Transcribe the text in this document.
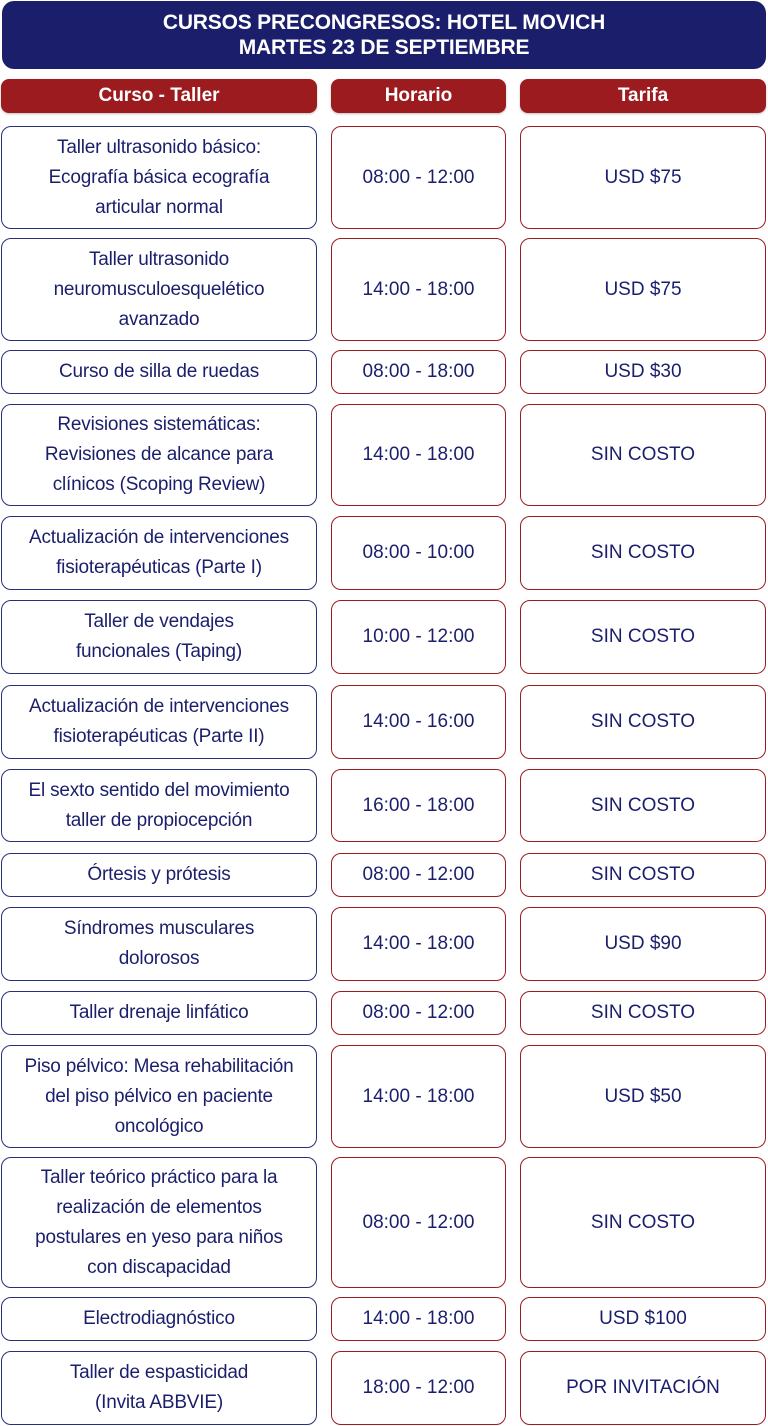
CURSOS PRECONGRESOS: HOTEL MOVICH
MARTES 23 DE SEPTIEMBRE
Curso - Taller	Horario	Tarifa
Taller ultrasonido básico:
Ecografía básica ecografía
articular normal
08:00 - 12:00	USD $75
Taller ultrasonido
neuromusculoesquelético
avanzado
14:00 - 18:00	USD $75
Curso de silla de ruedas	08:00 - 18:00	USD $30
Revisiones sistemáticas:
Revisiones de alcance para
clínicos (Scoping Review)
14:00 - 18:00	SIN COSTO
Actualización de intervenciones
fisioterapéuticas (Parte I)
08:00 - 10:00	SIN COSTO
Taller de vendajes
funcionales (Taping)
10:00 - 12:00	SIN COSTO
Actualización de intervenciones
fisioterapéuticas (Parte II)
14:00 - 16:00	SIN COSTO
El sexto sentido del movimiento
taller de propiocepción
16:00 - 18:00	SIN COSTO
Órtesis y prótesis	08:00 - 12:00	SIN COSTO
Síndromes musculares
dolorosos
14:00 - 18:00	USD $90
Taller drenaje linfático	08:00 - 12:00	SIN COSTO
Piso pélvico: Mesa rehabilitación
del piso pélvico en paciente
oncológico
14:00 - 18:00	USD $50
Taller teórico práctico para la
realización de elementos
postulares en yeso para niños
con discapacidad
08:00 - 12:00	SIN COSTO
Electrodiagnóstico	14:00 - 18:00	USD $100
Taller de espasticidad
(Invita ABBVIE)
18:00 - 12:00	POR INVITACIÓN
